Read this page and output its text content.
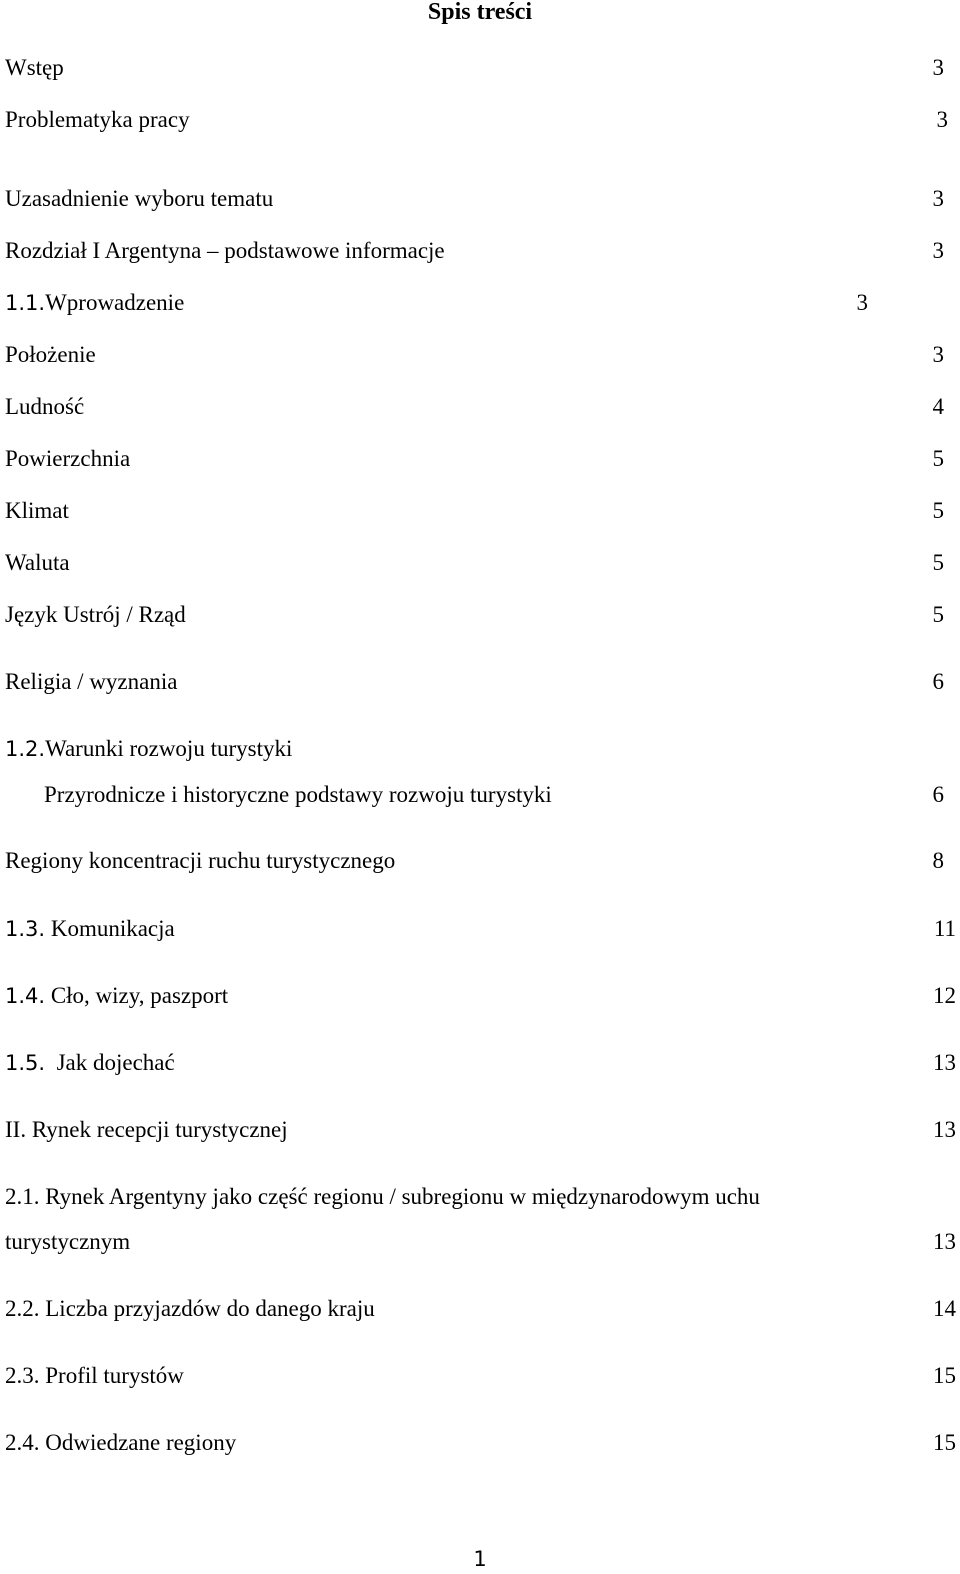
Spis treści
Wstęp	3
Problematyka pracy	3
Uzasadnienie wyboru tematu	3
Rozdział I Argentyna – podstawowe informacje	3
1.1.Wprowadzenie	3
Położenie	3
Ludność	4
Powierzchnia	5
Klimat	5
Waluta	5
Język Ustrój / Rząd	5
Religia / wyznania	6
1.2.Warunki rozwoju turystyki
Przyrodnicze i historyczne podstawy rozwoju turystyki	6
Regiony koncentracji ruchu turystycznego	8
1.3. Komunikacja	11
1.4. Cło, wizy, paszport	12
1.5.  Jak dojechać	13
II. Rynek recepcji turystycznej	13
2.1. Rynek Argentyny jako część regionu / subregionu w międzynarodowym uchu
turystycznym	13
2.2. Liczba przyjazdów do danego kraju	14
2.3. Profil turystów	15
2.4. Odwiedzane regiony	15
1
